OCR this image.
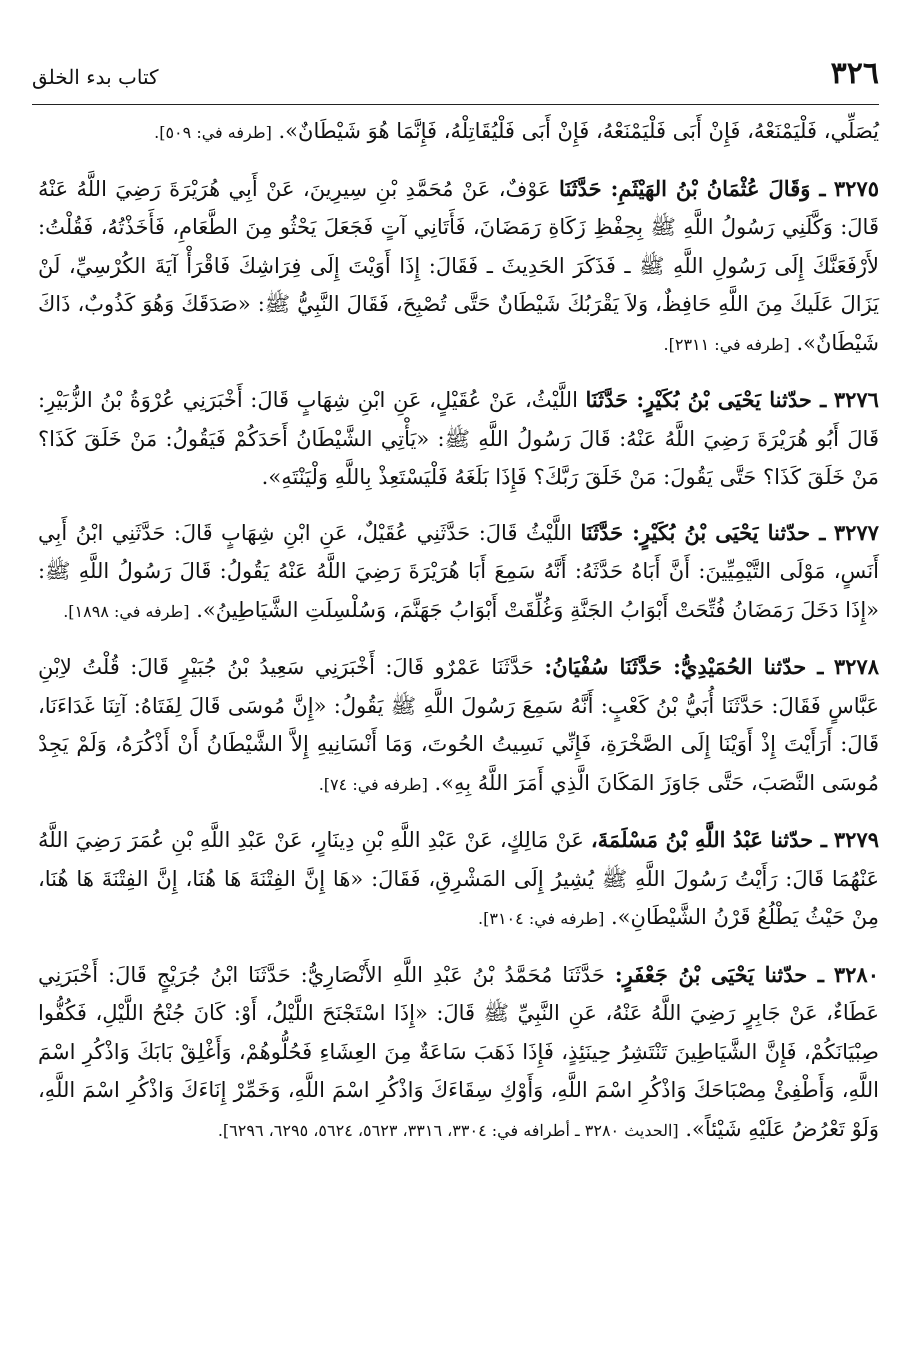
٣٢٦
كتاب بدء الخلق

يُصَلِّي، فَلْيَمْنَعْهُ، فَإِنْ أَبَى فَلْيَمْنَعْهُ، فَإِنْ أَبَى فَلْيُقَاتِلْهُ، فَإِنَّمَا هُوَ شَيْطَانٌ». [طرفه في: ٥٠٩].

٣٢٧٥ ـ وَقَالَ عُثْمَانُ بْنُ الهَيْثَمِ: حَدَّثَنَا عَوْفٌ، عَنْ مُحَمَّدِ بْنِ سِيرِينَ، عَنْ أَبِي هُرَيْرَةَ رَضِيَ اللَّهُ عَنْهُ قَالَ: وَكَّلَنِي رَسُولُ اللَّهِ ﷺ بِحِفْظِ زَكَاةِ رَمَضَانَ، فَأَتَانِي آتٍ فَجَعَلَ يَحْثُو مِنَ الطَّعَامِ، فَأَخَذْتُهُ، فَقُلْتُ: لأَرْفَعَنَّكَ إِلَى رَسُولِ اللَّهِ ﷺ ـ فَذَكَرَ الحَدِيثَ ـ فَقَالَ: إِذَا أَوَيْتَ إِلَى فِرَاشِكَ فَاقْرَأْ آيَةَ الكُرْسِيِّ، لَنْ يَزَالَ عَلَيكَ مِنَ اللَّهِ حَافِظٌ، وَلاَ يَقْرَبُكَ شَيْطَانٌ حَتَّى تُصْبِحَ، فَقَالَ النَّبِيُّ ﷺ: «صَدَقَكَ وَهُوَ كَذُوبٌ، ذَاكَ شَيْطَانٌ». [طرفه في: ٢٣١١].

٣٢٧٦ ـ حدّثنا يَحْيَى بْنُ بُكَيْرٍ: حَدَّثَنَا اللَّيْثُ، عَنْ عُقَيْلٍ، عَنِ ابْنِ شِهَابٍ قَالَ: أَخْبَرَنِي عُرْوَةُ بْنُ الزُّبَيْرِ: قَالَ أَبُو هُرَيْرَةَ رَضِيَ اللَّهُ عَنْهُ: قَالَ رَسُولُ اللَّهِ ﷺ: «يَأْتِي الشَّيْطَانُ أَحَدَكُمْ فَيَقُولُ: مَنْ خَلَقَ كَذَا؟ مَنْ خَلَقَ كَذَا؟ حَتَّى يَقُولَ: مَنْ خَلَقَ رَبَّكَ؟ فَإِذَا بَلَغَهُ فَلْيَسْتَعِذْ بِاللَّهِ وَلْيَنْتَهِ».

٣٢٧٧ ـ حدّثنا يَحْيَى بْنُ بُكَيْرٍ: حَدَّثَنَا اللَّيْثُ قَالَ: حَدَّثَنِي عُقَيْلٌ، عَنِ ابْنِ شِهَابٍ قَالَ: حَدَّثَنِي ابْنُ أَبِي أَنَسٍ، مَوْلَى التَّيْمِيِّينَ: أَنَّ أَبَاهُ حَدَّثَهُ: أَنَّهُ سَمِعَ أَبَا هُرَيْرَةَ رَضِيَ اللَّهُ عَنْهُ يَقُولُ: قَالَ رَسُولُ اللَّهِ ﷺ: «إِذَا دَخَلَ رَمَضَانُ فُتِّحَتْ أَبْوَابُ الجَنَّةِ وَغُلِّقَتْ أَبْوَابُ جَهَنَّمَ، وَسُلْسِلَتِ الشَّيَاطِينُ». [طرفه في: ١٨٩٨].

٣٢٧٨ ـ حدّثنا الحُمَيْدِيُّ: حَدَّثَنَا سُفْيَانُ: حَدَّثَنَا عَمْرٌو قَالَ: أَخْبَرَنِي سَعِيدُ بْنُ جُبَيْرٍ قَالَ: قُلْتُ لاِبْنِ عَبَّاسٍ فَقَالَ: حَدَّثَنَا أُبَيُّ بْنُ كَعْبٍ: أَنَّهُ سَمِعَ رَسُولَ اللَّهِ ﷺ يَقُولُ: «إِنَّ مُوسَى قَالَ لِفَتَاهُ: آتِنَا غَدَاءَنَا، قَالَ: أَرَأَيْتَ إِذْ أَوَيْنَا إِلَى الصَّخْرَةِ، فَإِنِّي نَسِيتُ الحُوتَ، وَمَا أَنْسَانِيهِ إِلاَّ الشَّيْطَانُ أَنْ أَذْكُرَهُ، وَلَمْ يَجِدْ مُوسَى النَّصَبَ، حَتَّى جَاوَزَ المَكَانَ الَّذِي أَمَرَ اللَّهُ بِهِ». [طرفه في: ٧٤].

٣٢٧٩ ـ حدّثنا عَبْدُ اللَّهِ بْنُ مَسْلَمَةَ، عَنْ مَالِكٍ، عَنْ عَبْدِ اللَّهِ بْنِ دِينَارٍ، عَنْ عَبْدِ اللَّهِ بْنِ عُمَرَ رَضِيَ اللَّهُ عَنْهُمَا قَالَ: رَأَيْتُ رَسُولَ اللَّهِ ﷺ يُشِيرُ إِلَى المَشْرِقِ، فَقَالَ: «هَا إِنَّ الفِتْنَةَ هَا هُنَا، إِنَّ الفِتْنَةَ هَا هُنَا، مِنْ حَيْثُ يَطْلُعُ قَرْنُ الشَّيْطَانِ». [طرفه في: ٣١٠٤].

٣٢٨٠ ـ حدّثنا يَحْيَى بْنُ جَعْفَرٍ: حَدَّثَنَا مُحَمَّدُ بْنُ عَبْدِ اللَّهِ الأَنْصَارِيُّ: حَدَّثَنَا ابْنُ جُرَيْجٍ قَالَ: أَخْبَرَنِي عَطَاءٌ، عَنْ جَابِرٍ رَضِيَ اللَّهُ عَنْهُ، عَنِ النَّبِيِّ ﷺ قَالَ: «إِذَا اسْتَجْنَحَ اللَّيْلُ، أَوْ: كَانَ جُنْحُ اللَّيْلِ، فَكُفُّوا صِبْيَانَكُمْ، فَإِنَّ الشَّيَاطِينَ تَنْتَشِرُ حِينَئِذٍ، فَإِذَا ذَهَبَ سَاعَةٌ مِنَ العِشَاءِ فَحُلُّوهُمْ، وَأَغْلِقْ بَابَكَ وَاذْكُرِ اسْمَ اللَّهِ، وَأَطْفِئْ مِصْبَاحَكَ وَاذْكُرِ اسْمَ اللَّهِ، وَأَوْكِ سِقَاءَكَ وَاذْكُرِ اسْمَ اللَّهِ، وَخَمِّرْ إِنَاءَكَ وَاذْكُرِ اسْمَ اللَّهِ، وَلَوْ تَعْرُضُ عَلَيْهِ شَيْئاً». [الحديث ٣٢٨٠ ـ أطرافه في: ٣٣٠٤، ٣٣١٦، ٥٦٢٣، ٥٦٢٤، ٦٢٩٥، ٦٢٩٦].
